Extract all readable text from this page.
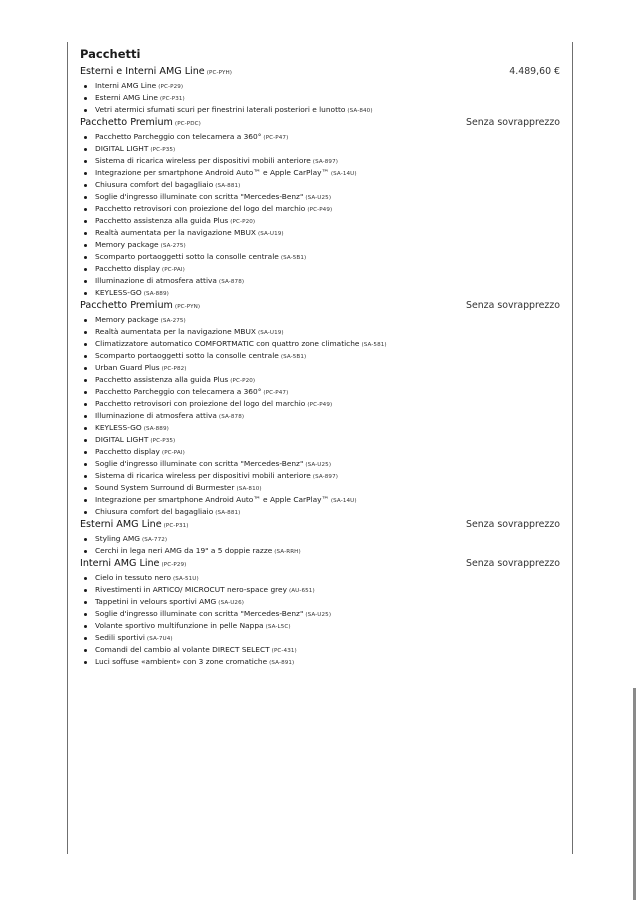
Pacchetti
Esterni e Interni AMG Line (PC-PYH)	4.489,60 €
Interni AMG Line (PC-P29)
Esterni AMG Line (PC-P31)
Vetri atermici sfumati scuri per finestrini laterali posteriori e lunotto (SA-840)
Pacchetto Premium (PC-PDC)	Senza sovrapprezzo
Pacchetto Parcheggio con telecamera a 360° (PC-P47)
DIGITAL LIGHT (PC-P35)
Sistema di ricarica wireless per dispositivi mobili anteriore (SA-897)
Integrazione per smartphone Android Auto™ e Apple CarPlay™ (SA-14U)
Chiusura comfort del bagagliaio (SA-881)
Soglie d'ingresso illuminate con scritta "Mercedes-Benz" (SA-U25)
Pacchetto retrovisori con proiezione del logo del marchio (PC-P49)
Pacchetto assistenza alla guida Plus (PC-P20)
Realtà aumentata per la navigazione MBUX (SA-U19)
Memory package (SA-275)
Scomparto portaoggetti sotto la consolle centrale (SA-5B1)
Pacchetto display (PC-PAI)
Illuminazione di atmosfera attiva (SA-878)
KEYLESS-GO (SA-889)
Pacchetto Premium (PC-PYN)	Senza sovrapprezzo
Memory package (SA-275)
Realtà aumentata per la navigazione MBUX (SA-U19)
Climatizzatore automatico COMFORTMATIC con quattro zone climatiche (SA-581)
Scomparto portaoggetti sotto la consolle centrale (SA-5B1)
Urban Guard Plus (PC-P82)
Pacchetto assistenza alla guida Plus (PC-P20)
Pacchetto Parcheggio con telecamera a 360° (PC-P47)
Pacchetto retrovisori con proiezione del logo del marchio (PC-P49)
Illuminazione di atmosfera attiva (SA-878)
KEYLESS-GO (SA-889)
DIGITAL LIGHT (PC-P35)
Pacchetto display (PC-PAI)
Soglie d'ingresso illuminate con scritta "Mercedes-Benz" (SA-U25)
Sistema di ricarica wireless per dispositivi mobili anteriore (SA-897)
Sound System Surround di Burmester (SA-810)
Integrazione per smartphone Android Auto™ e Apple CarPlay™ (SA-14U)
Chiusura comfort del bagagliaio (SA-881)
Esterni AMG Line (PC-P31)	Senza sovrapprezzo
Styling AMG (SA-772)
Cerchi in lega neri AMG da 19" a 5 doppie razze (SA-RRH)
Interni AMG Line (PC-P29)	Senza sovrapprezzo
Cielo in tessuto nero (SA-51U)
Rivestimenti in ARTICO/ MICROCUT nero-space grey (AU-651)
Tappetini in velours sportivi AMG (SA-U26)
Soglie d'ingresso illuminate con scritta "Mercedes-Benz" (SA-U25)
Volante sportivo multifunzione in pelle Nappa (SA-L5C)
Sedili sportivi (SA-7U4)
Comandi del cambio al volante DIRECT SELECT (PC-431)
Luci soffuse «ambient» con 3 zone cromatiche (SA-891)
